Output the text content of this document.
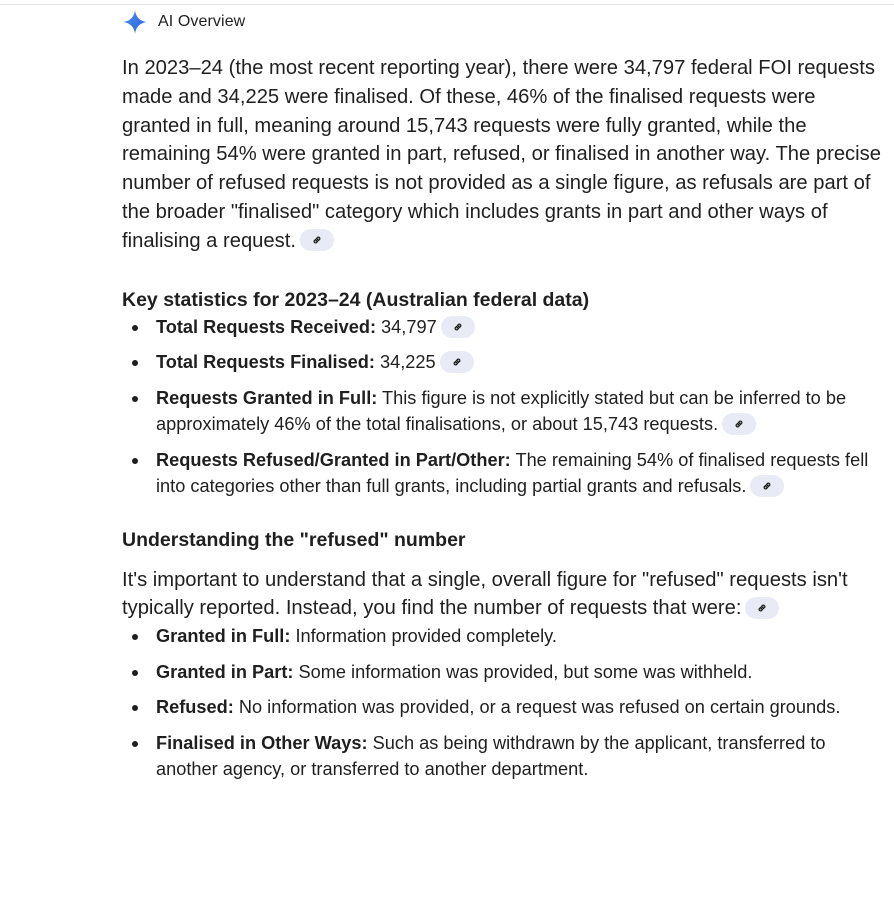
AI Overview

In 2023–24 (the most recent reporting year), there were 34,797 federal FOI requests made and 34,225 were finalised. Of these, 46% of the finalised requests were granted in full, meaning around 15,743 requests were fully granted, while the remaining 54% were granted in part, refused, or finalised in another way. The precise number of refused requests is not provided as a single figure, as refusals are part of the broader "finalised" category which includes grants in part and other ways of finalising a request.

Key statistics for 2023–24 (Australian federal data)
Total Requests Received: 34,797
Total Requests Finalised: 34,225
Requests Granted in Full: This figure is not explicitly stated but can be inferred to be approximately 46% of the total finalisations, or about 15,743 requests.
Requests Refused/Granted in Part/Other: The remaining 54% of finalised requests fell into categories other than full grants, including partial grants and refusals.
Understanding the "refused" number

It's important to understand that a single, overall figure for "refused" requests isn't typically reported. Instead, you find the number of requests that were:

Granted in Full: Information provided completely.
Granted in Part: Some information was provided, but some was withheld.
Refused: No information was provided, or a request was refused on certain grounds.
Finalised in Other Ways: Such as being withdrawn by the applicant, transferred to another agency, or transferred to another department.
